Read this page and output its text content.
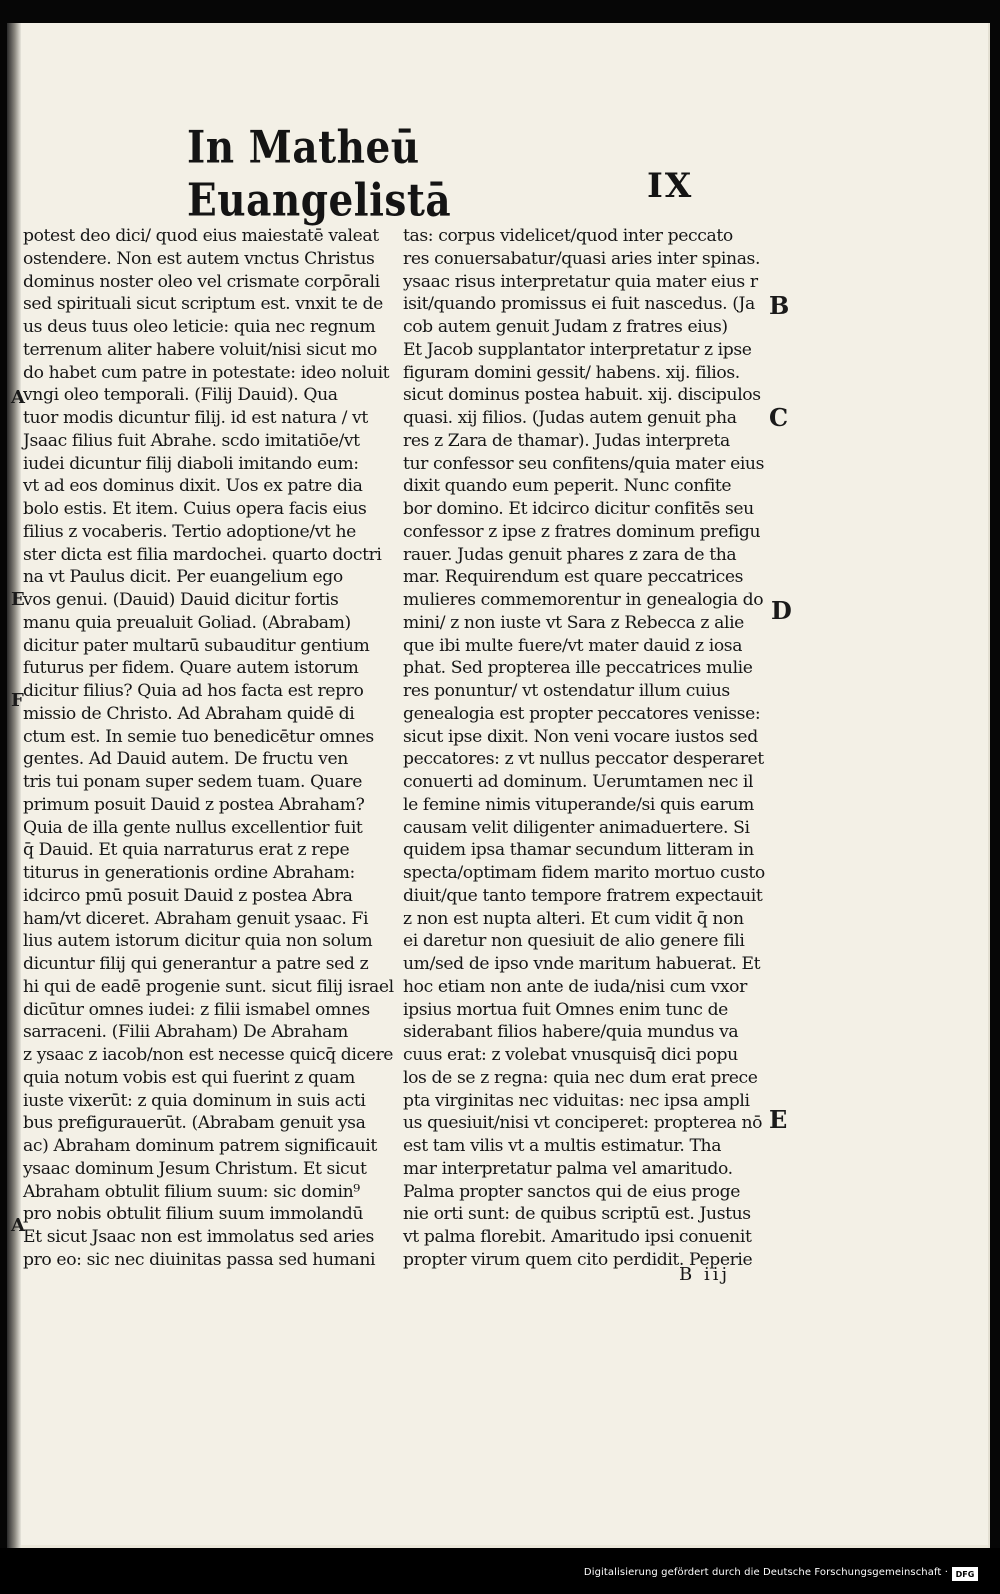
In Matheū Euangelistā	IX
potest deo dici/ quod eius maiestatē valeat
ostendere. Non est autem vnctus Christus
dominus noster oleo vel crismate corpōrali
sed spirituali sicut scriptum est. vnxit te de
us deus tuus oleo leticie: quia nec regnum
terrenum aliter habere voluit/nisi sicut mo
do habet cum patre in potestate: ideo noluit
vngi oleo temporali. (Filij Dauid). Qua
tuor modis dicuntur filij. id est natura / vt
Jsaac filius fuit Abrahe. scdo imitatiōe/vt
iudei dicuntur filij diaboli imitando eum:
vt ad eos dominus dixit. Uos ex patre dia
bolo estis. Et item. Cuius opera facis eius
filius z vocaberis. Tertio adoptione/vt he
ster dicta est filia mardochei. quarto doctri
na vt Paulus dicit. Per euangelium ego
vos genui. (Dauid) Dauid dicitur fortis
manu quia preualuit Goliad. (Abrabam)
dicitur pater multarū subauditur gentium
futurus per fidem. Quare autem istorum
dicitur filius? Quia ad hos facta est repro
missio de Christo. Ad Abraham quidē di
ctum est. In semie tuo benedicētur omnes
gentes. Ad Dauid autem. De fructu ven
tris tui ponam super sedem tuam. Quare
primum posuit Dauid z postea Abraham?
Quia de illa gente nullus excellentior fuit
q̄ Dauid. Et quia narraturus erat z repe
titurus in generationis ordine Abraham:
idcirco pmū posuit Dauid z postea Abra
ham/vt diceret. Abraham genuit ysaac. Fi
lius autem istorum dicitur quia non solum
dicuntur filij qui generantur a patre sed z
hi qui de eadē progenie sunt. sicut filij israel
dicūtur omnes iudei: z filii ismabel omnes
sarraceni. (Filii Abraham) De Abraham
z ysaac z iacob/non est necesse quicq̄ dicere
quia notum vobis est qui fuerint z quam
iuste vixerūt: z quia dominum in suis acti
bus prefigurauerūt. (Abrabam genuit ysa
ac) Abraham dominum patrem significauit
ysaac dominum Jesum Christum. Et sicut
Abraham obtulit filium suum: sic domin⁹
pro nobis obtulit filium suum immolandū
Et sicut Jsaac non est immolatus sed aries
pro eo: sic nec diuinitas passa sed humani
tas: corpus videlicet/quod inter peccato
res conuersabatur/quasi aries inter spinas.
ysaac risus interpretatur quia mater eius r
isit/quando promissus ei fuit nascedus. (Ja
cob autem genuit Judam z fratres eius)
Et Jacob supplantator interpretatur z ipse
figuram domini gessit/ habens. xij. filios.
sicut dominus postea habuit. xij. discipulos
quasi. xij filios. (Judas autem genuit pha
res z Zara de thamar). Judas interpreta
tur confessor seu confitens/quia mater eius
dixit quando eum peperit. Nunc confite
bor domino. Et idcirco dicitur confitēs seu
confessor z ipse z fratres dominum prefigu
rauer. Judas genuit phares z zara de tha
mar. Requirendum est quare peccatrices
mulieres commemorentur in genealogia do
mini/ z non iuste vt Sara z Rebecca z alie
que ibi multe fuere/vt mater dauid z iosa
phat. Sed propterea ille peccatrices mulie
res ponuntur/ vt ostendatur illum cuius
genealogia est propter peccatores venisse:
sicut ipse dixit. Non veni vocare iustos sed
peccatores: z vt nullus peccator desperaret
conuerti ad dominum. Uerumtamen nec il
le femine nimis vituperande/si quis earum
causam velit diligenter animaduertere. Si
quidem ipsa thamar secundum litteram in
specta/optimam fidem marito mortuo custo
diuit/que tanto tempore fratrem expectauit
z non est nupta alteri. Et cum vidit q̄ non
ei daretur non quesiuit de alio genere fili
um/sed de ipso vnde maritum habuerat. Et
hoc etiam non ante de iuda/nisi cum vxor
ipsius mortua fuit Omnes enim tunc de
siderabant filios habere/quia mundus va
cuus erat: z volebat vnusquisq̄ dici popu
los de se z regna: quia nec dum erat prece
pta virginitas nec viduitas: nec ipsa ampli
us quesiuit/nisi vt conciperet: propterea nō
est tam vilis vt a multis estimatur. Tha
mar interpretatur palma vel amaritudo.
Palma propter sanctos qui de eius proge
nie orti sunt: de quibus scriptū est. Justus
vt palma florebit. Amaritudo ipsi conuenit
propter virum quem cito perdidit. Peperie
B
C
D
E
A
E
F
A
B iij
Digitalisierung gefördert durch die Deutsche Forschungsgemeinschaft · DFG
